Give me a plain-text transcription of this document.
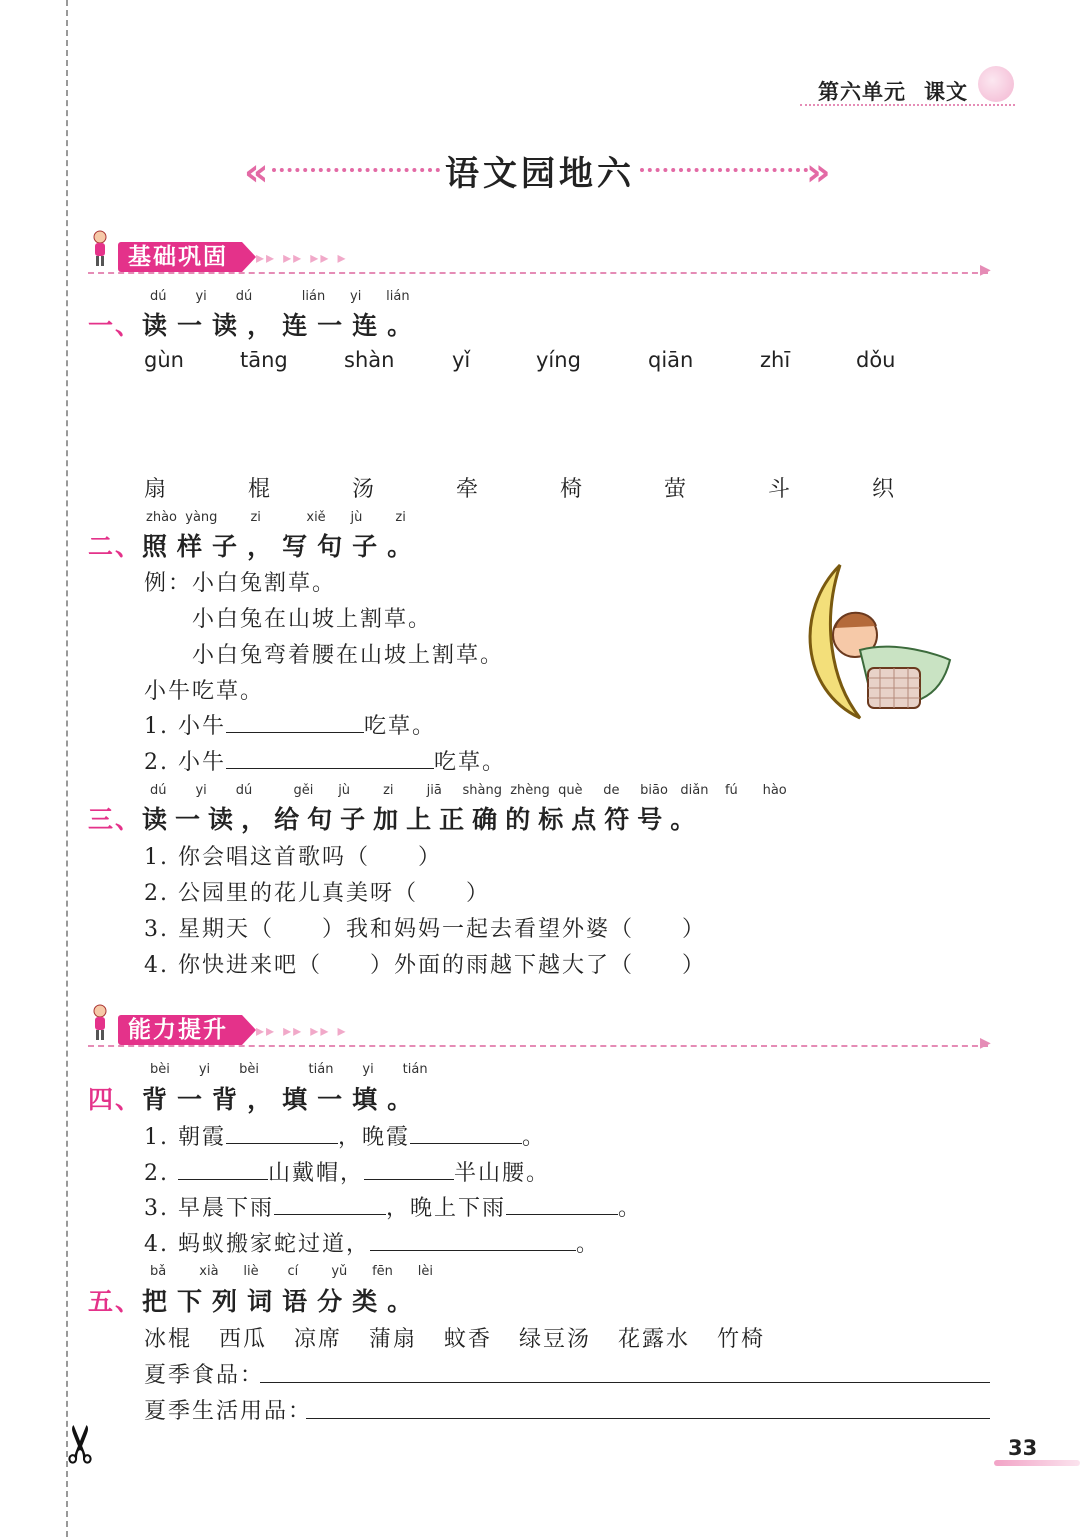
✂
第六单元 课文
«	语文园地六	»
基础巩固	▸▸ ▸▸ ▸▸ ▸
▶
dú yi dú	lián yi lián
一、读一读，连一连。
gùn	tāng	shàn	yǐ	yíng	qiān	zhī	dǒu
扇	棍	汤	牵	椅	萤	斗	织
zhào yàng	zi	xiě jù	zi
二、照样子，写句子。
例：小白兔割草。
小白兔在山坡上割草。
小白兔弯着腰在山坡上割草。
小牛吃草。
1. 小牛	吃草。
2. 小牛	吃草。
dú yi dú	gěi jù	zi	jiā shàng zhèng què de biāo diǎn fú hào
三、读一读，给句子加上正确的标点符号。
1. 你会唱这首歌吗（　　）
2. 公园里的花儿真美呀（　　）
3. 星期天（　　）我和妈妈一起去看望外婆（　　）
4. 你快进来吧（　　）外面的雨越下越大了（　　）
能力提升	▸▸ ▸▸ ▸▸ ▸
▶
bèi yi bèi	tián yi tián
四、背一背，填一填。
1. 朝霞	，晚霞	。
2.	山戴帽，	半山腰。
3. 早晨下雨	，晚上下雨	。
4. 蚂蚁搬家蛇过道，	。
bǎ	xià liè cí	yǔ fēn lèi
五、把下列词语分类。
冰棍 西瓜 凉席 蒲扇 蚊香 绿豆汤 花露水 竹椅
夏季食品：
夏季生活用品：
33
